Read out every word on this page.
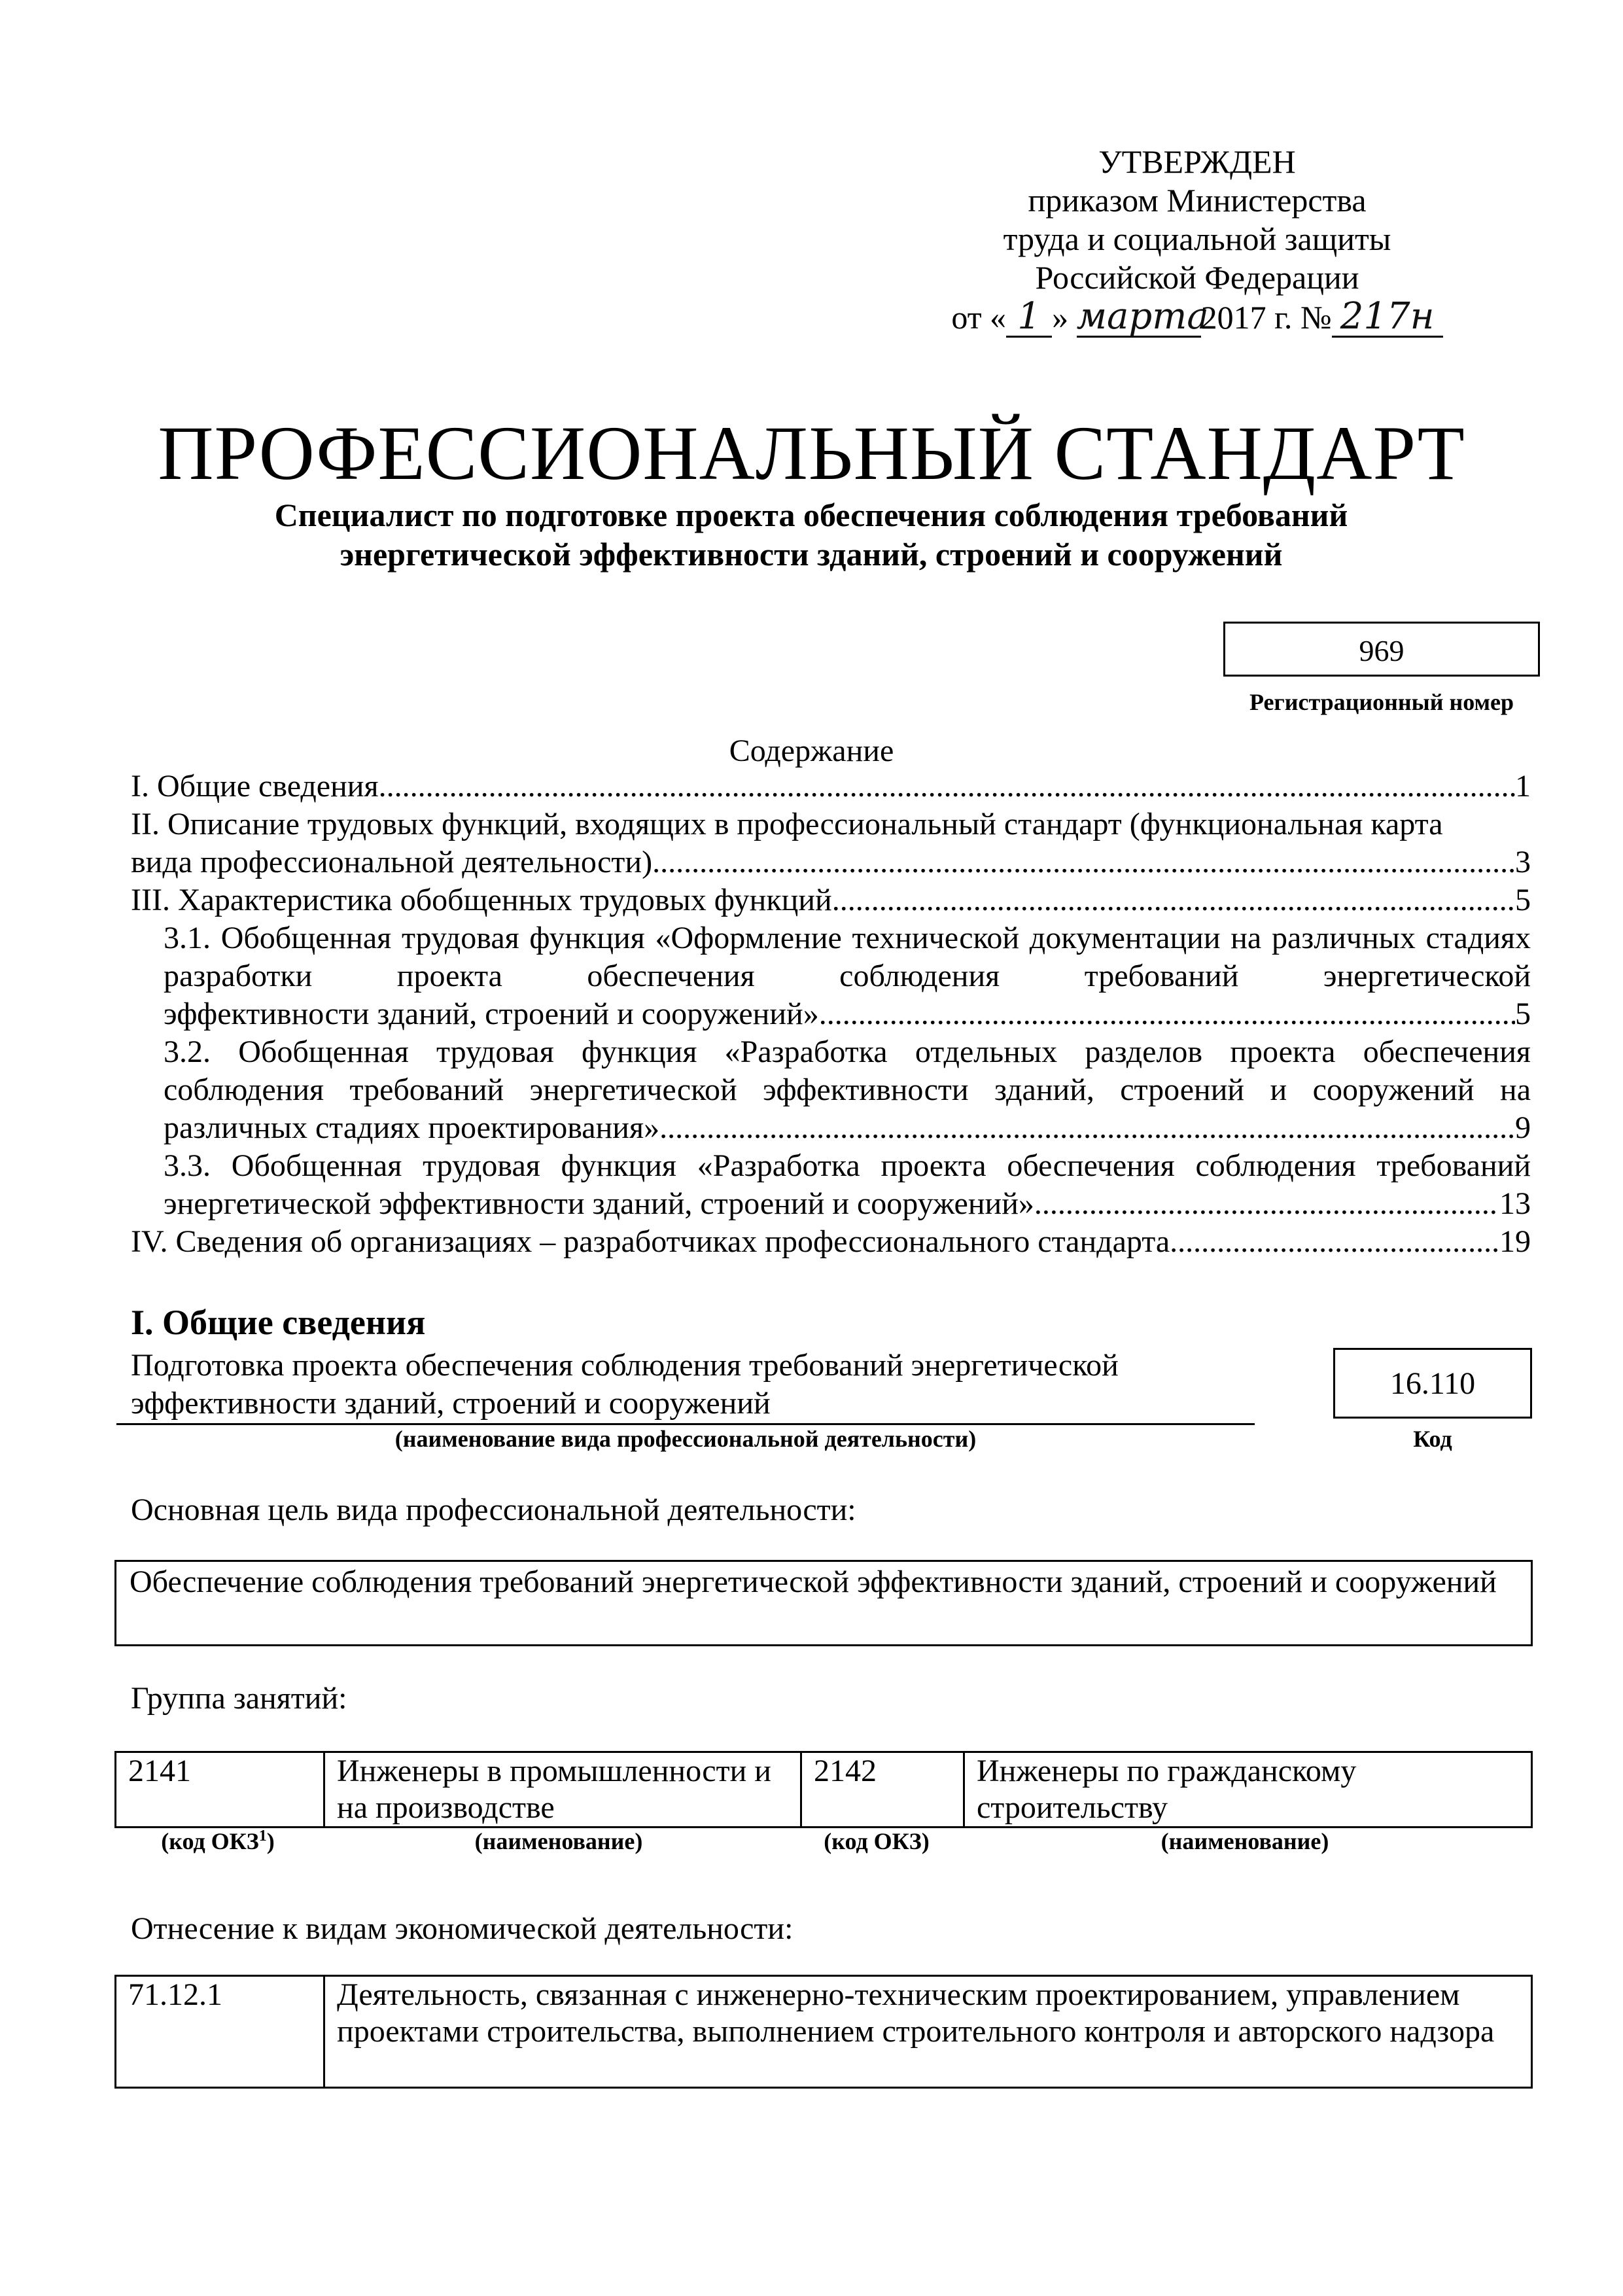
УТВЕРЖДЕН
приказом Министерства
труда и социальной защиты
Российской Федерации
от « 1 » марта2017 г. № 217н
ПРОФЕССИОНАЛЬНЫЙ СТАНДАРТ
Специалист по подготовке проекта обеспечения соблюдения требований
энергетической эффективности зданий, строений и сооружений
969
Регистрационный номер
Содержание
I. Общие сведения .....	1
II. Описание трудовых функций, входящих в профессиональный стандарт (функциональная карта
вида профессиональной деятельности) .....	3
III. Характеристика обобщенных трудовых функций .....	5
3.1. Обобщенная трудовая функция «Оформление технической документации на различных стадиях разработки проекта обеспечения соблюдения требований энергетической
эффективности зданий, строений и сооружений» .....	5
3.2. Обобщенная трудовая функция «Разработка отдельных разделов проекта обеспечения соблюдения требований энергетической эффективности зданий, строений и сооружений на
различных стадиях проектирования» .....	9
3.3. Обобщенная трудовая функция «Разработка проекта обеспечения соблюдения требований
энергетической эффективности зданий, строений и сооружений» .....	13
IV. Сведения об организациях – разработчиках профессионального стандарта .....	19
I. Общие сведения
Подготовка проекта обеспечения соблюдения требований энергетической эффективности зданий, строений и сооружений
(наименование вида профессиональной деятельности)
16.110
Код
Основная цель вида профессиональной деятельности:
Обеспечение соблюдения требований энергетической эффективности зданий, строений и сооружений
Группа занятий:
2141	Инженеры в промышленности и на производстве	2142	Инженеры по гражданскому строительству
(код ОКЗ$^1$)	(наименование)	(код ОКЗ)	(наименование)
Отнесение к видам экономической деятельности:
71.12.1	Деятельность, связанная с инженерно-техническим проектированием, управлением проектами строительства, выполнением строительного контроля и авторского надзора
